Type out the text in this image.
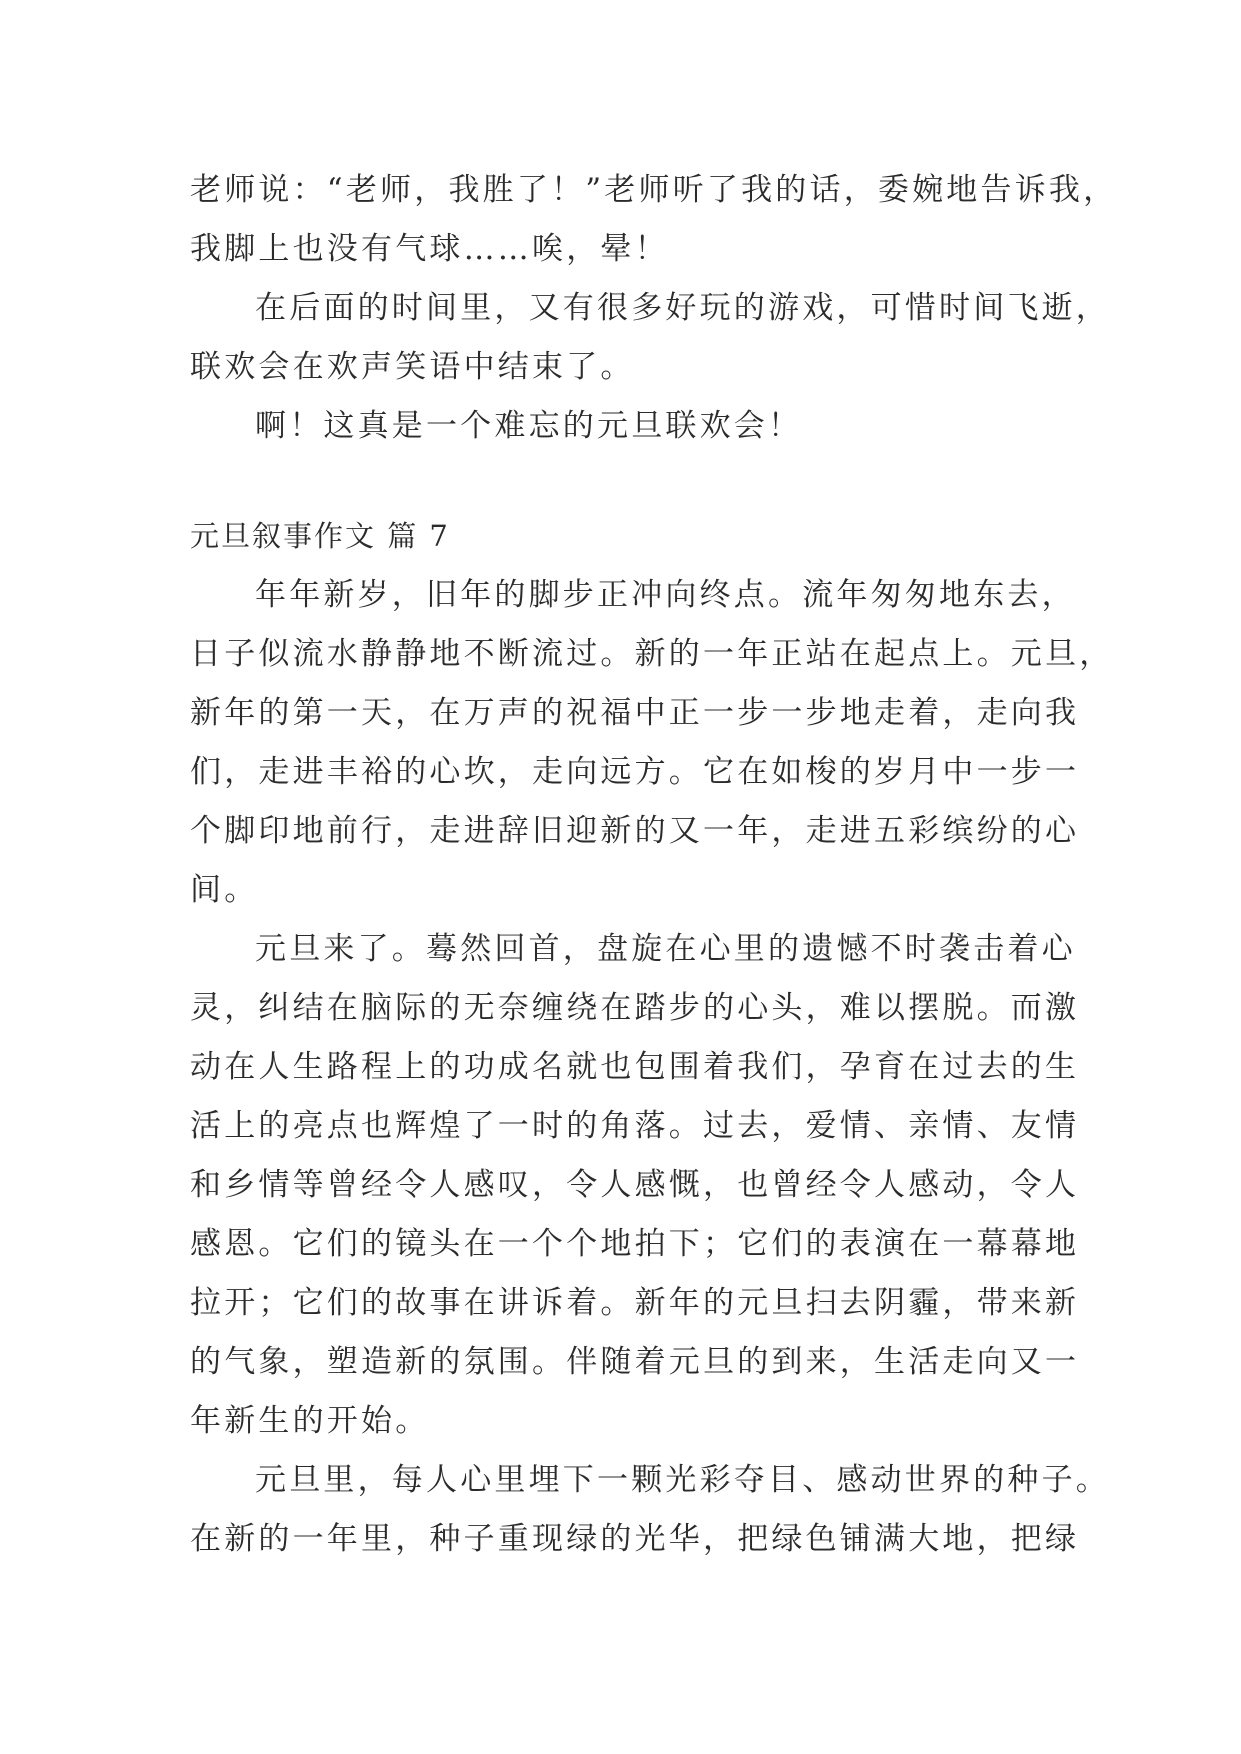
老师说：“老师，我胜了！”老师听了我的话，委婉地告诉我，
我脚上也没有气球……唉，晕！
在后面的时间里，又有很多好玩的游戏，可惜时间飞逝，
联欢会在欢声笑语中结束了。
啊！这真是一个难忘的元旦联欢会！
元旦叙事作文 篇 7
年年新岁，旧年的脚步正冲向终点。流年匆匆地东去，
日子似流水静静地不断流过。新的一年正站在起点上。元旦，
新年的第一天，在万声的祝福中正一步一步地走着，走向我
们，走进丰裕的心坎，走向远方。它在如梭的岁月中一步一
个脚印地前行，走进辞旧迎新的又一年，走进五彩缤纷的心
间。
元旦来了。蓦然回首，盘旋在心里的遗憾不时袭击着心
灵，纠结在脑际的无奈缠绕在踏步的心头，难以摆脱。而激
动在人生路程上的功成名就也包围着我们，孕育在过去的生
活上的亮点也辉煌了一时的角落。过去，爱情、亲情、友情
和乡情等曾经令人感叹，令人感慨，也曾经令人感动，令人
感恩。它们的镜头在一个个地拍下；它们的表演在一幕幕地
拉开；它们的故事在讲诉着。新年的元旦扫去阴霾，带来新
的气象，塑造新的氛围。伴随着元旦的到来，生活走向又一
年新生的开始。
元旦里，每人心里埋下一颗光彩夺目、感动世界的种子。
在新的一年里，种子重现绿的光华，把绿色铺满大地，把绿
